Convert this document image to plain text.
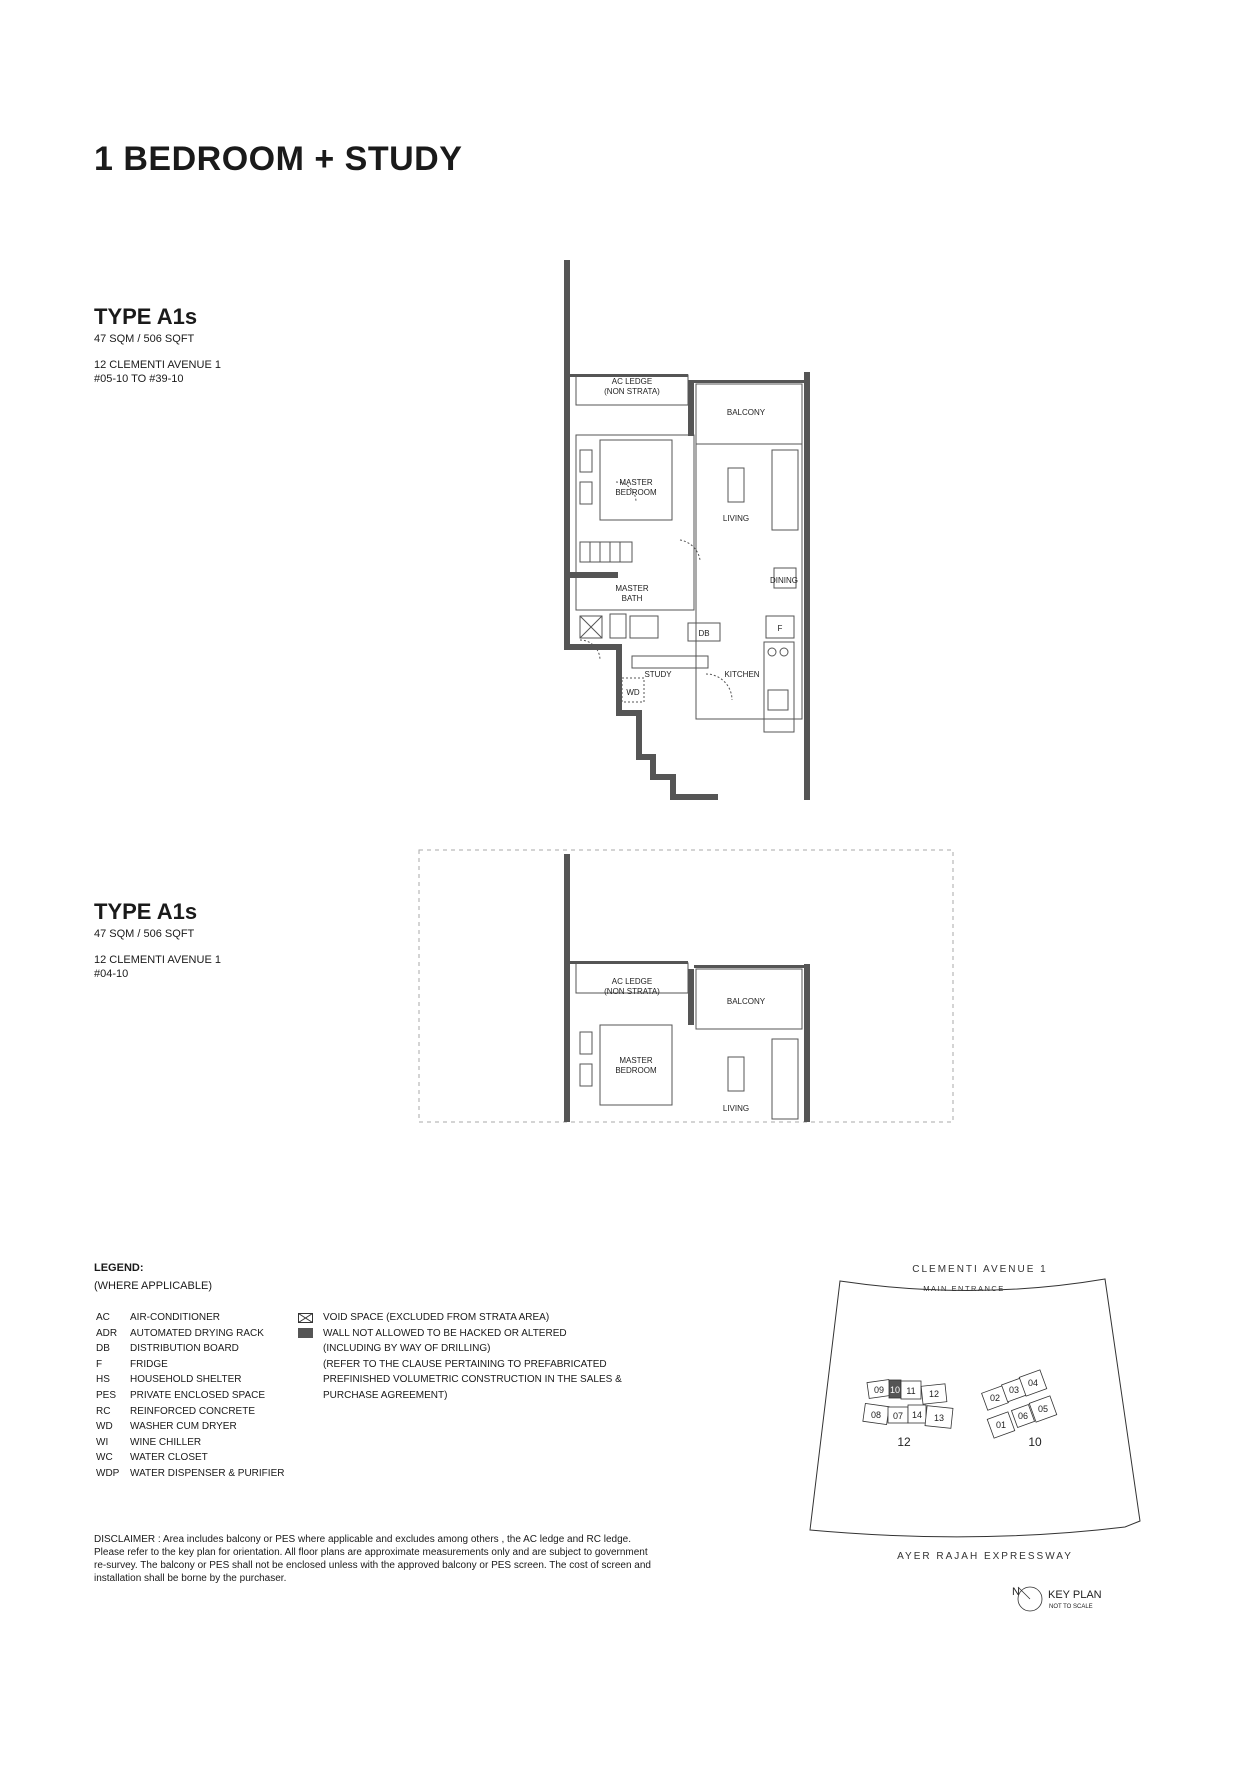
1 BEDROOM + STUDY
TYPE A1s
47 SQM / 506 SQFT
12 CLEMENTI AVENUE 1
#05-10 TO #39-10
TYPE A1s
47 SQM / 506 SQFT
12 CLEMENTI AVENUE 1
#04-10
AC LEDGE
(NON STRATA)
BALCONY
MASTER
BEDROOM
LIVING
DINING
MASTER
BATH
DB
F
STUDY	KITCHEN
WD
AC LEDGE
(NON STRATA)
BALCONY
MASTER
BEDROOM
LIVING
LEGEND:
(WHERE APPLICABLE)
AC	AIR-CONDITIONER
ADR	AUTOMATED DRYING RACK
DB	DISTRIBUTION BOARD
F	FRIDGE
HS	HOUSEHOLD SHELTER
PES	PRIVATE ENCLOSED SPACE
RC	REINFORCED CONCRETE
WD	WASHER CUM DRYER
WI	WINE CHILLER
WC	WATER CLOSET
WDP	WATER DISPENSER & PURIFIER
VOID SPACE (EXCLUDED FROM STRATA AREA)
WALL NOT ALLOWED TO BE HACKED OR ALTERED
(INCLUDING BY WAY OF DRILLING)
(REFER TO THE CLAUSE PERTAINING TO PREFABRICATED
PREFINISHED VOLUMETRIC CONSTRUCTION IN THE SALES &
PURCHASE AGREEMENT)
DISCLAIMER : Area includes balcony or PES where applicable and excludes among others , the AC ledge and RC ledge. Please refer to the key plan for orientation. All floor plans are approximate measurements only and are subject to government re-survey. The balcony or PES shall not be enclosed unless with the approved balcony or PES screen. The cost of screen and installation shall be borne by the purchaser.
CLEMENTI AVENUE 1
MAIN ENTRANCE
09 10 11 12
08 07 14 13
12
02
03
04
01
06
05
10
AYER RAJAH EXPRESSWAY
N	KEY PLAN
NOT TO SCALE
